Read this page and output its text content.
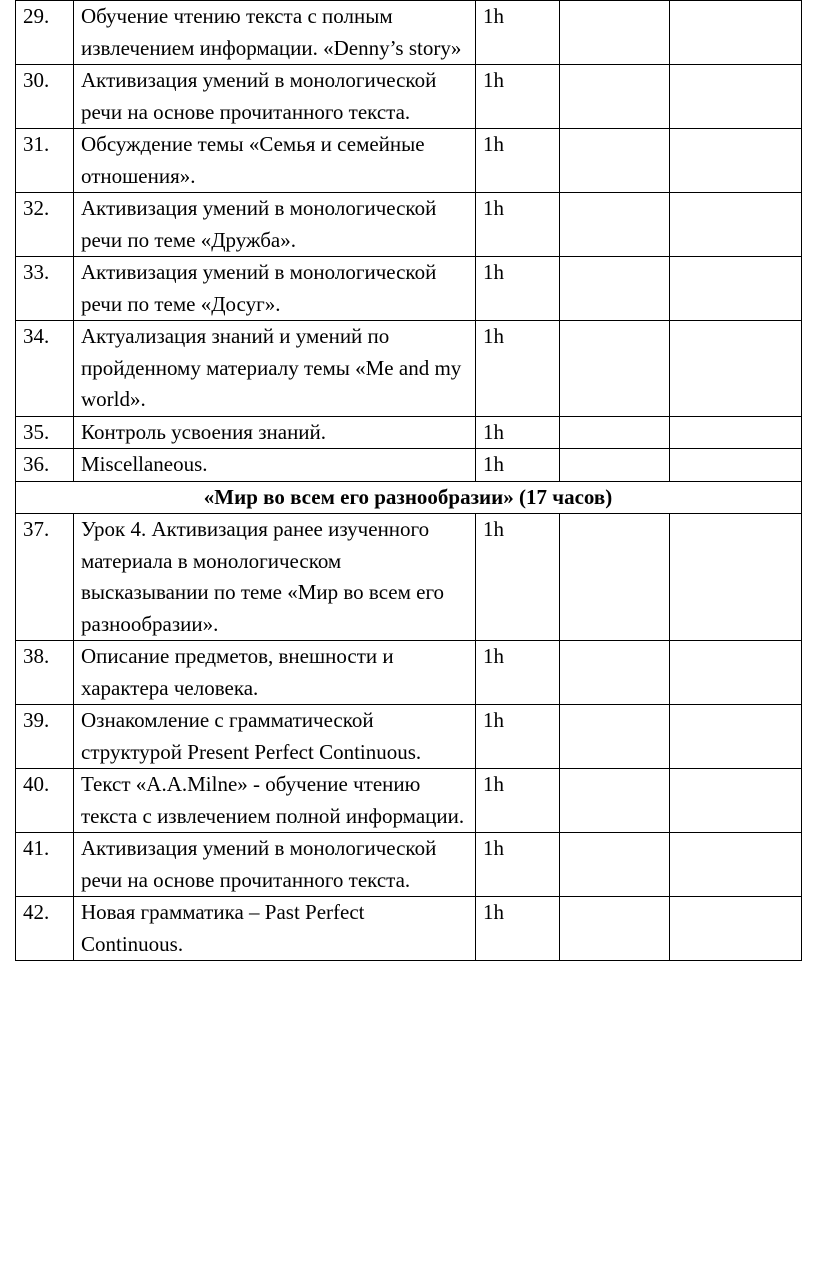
29.	Обучение чтению текста с полным извлечением информации. «Denny’s story»	1h		
30.	Активизация умений в монологической речи на основе прочитанного текста.	1h		
31.	Обсуждение темы «Семья и семейные отношения».	1h		
32.	Активизация умений в монологической речи по теме «Дружба».	1h		
33.	Активизация умений в монологической речи по теме «Досуг».	1h		
34.	Актуализация знаний и умений по пройденному материалу темы «Me and my world».	1h		
35.	Контроль усвоения знаний.	1h		
36.	Miscellaneous.	1h		
«Мир во всем его разнообразии» (17 часов)				
37.	Урок 4. Активизация ранее изученного материала в монологическом высказывании по теме «Мир во всем его разнообразии».	1h		
38.	Описание предметов, внешности и характера человека.	1h		
39.	Ознакомление с грамматической структурой Present Perfect Continuous.	1h		
40.	Текст «A.A.Milne» - обучение чтению текста с извлечением полной информации.	1h		
41.	Активизация умений в монологической речи на основе прочитанного текста.	1h		
42.	Новая грамматика – Past Perfect Continuous.	1h		
